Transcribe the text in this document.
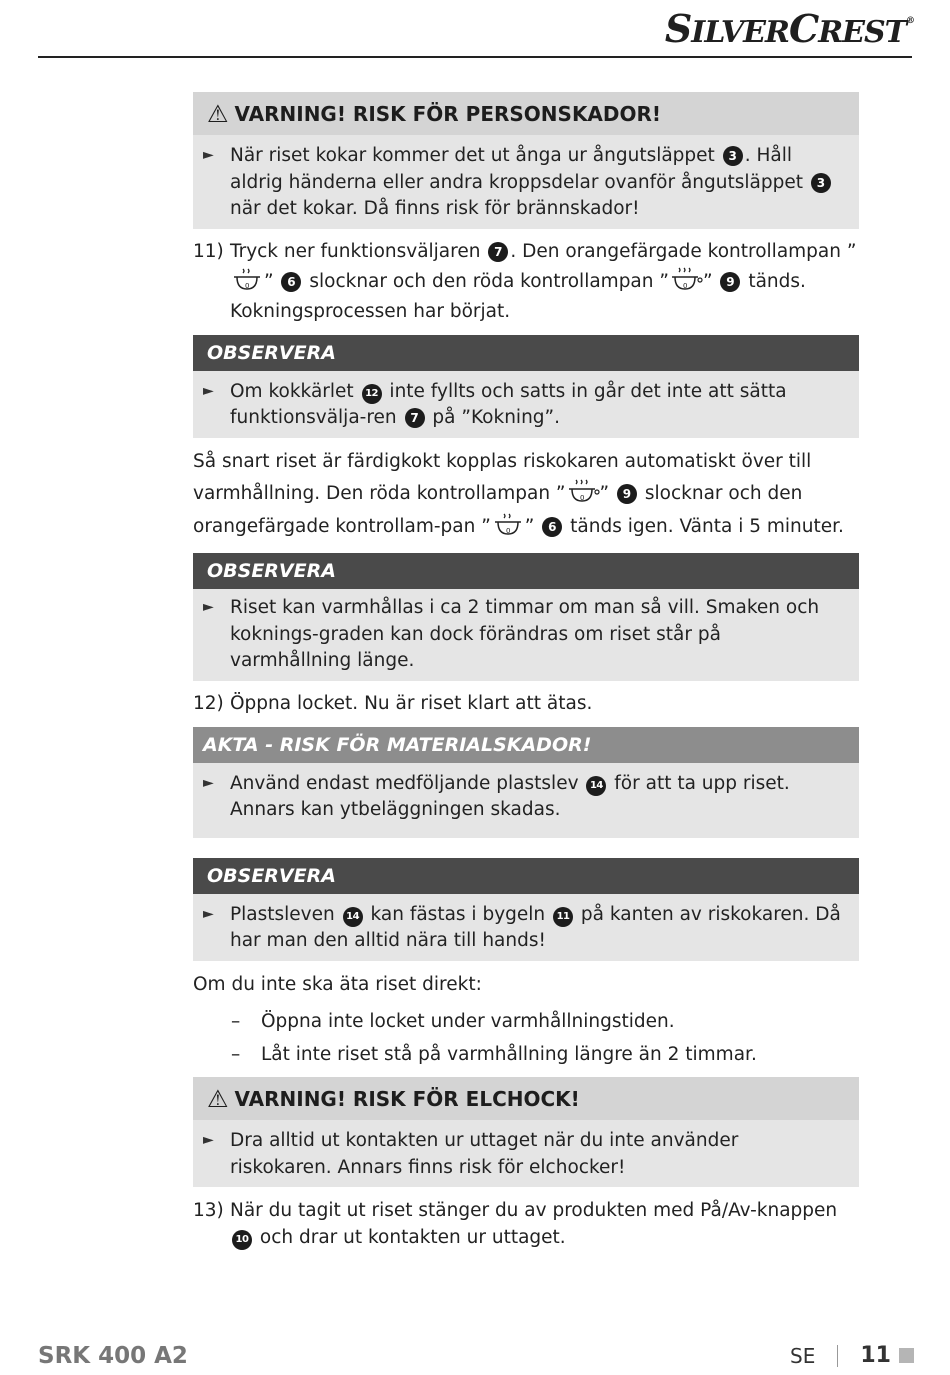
SILVERCREST®
⚠ VARNING! RISK FÖR PERSONSKADOR!
► När riset kokar kommer det ut ånga ur ångutsläppet 3 . Håll aldrig händerna eller andra kroppsdelar ovanför ångutsläppet 3 när det kokar. Då finns risk för brännskador!
11) Tryck ner funktionsväljaren 7 . Den orangefärgade kontrollampan ”
0 ” 6 slocknar och den röda kontrollampan ” 0 ” 9 tänds. Kokningsprocessen har börjat.
OBSERVERA
► Om kokkärlet 12 inte fyllts och satts in går det inte att sätta funktionsvälja-ren 7 på ”Kokning”.
Så snart riset är färdigkokt kopplas riskokaren automatiskt över till varmhållning. Den röda kontrollampan ” 0 ” 9 slocknar och den orangefärgade kontrollam-pan ” 0 ” 6 tänds igen. Vänta i 5 minuter.
OBSERVERA
► Riset kan varmhållas i ca 2 timmar om man så vill. Smaken och koknings-graden kan dock förändras om riset står på varmhållning länge.
12) Öppna locket. Nu är riset klart att ätas.
AKTA - RISK FÖR MATERIALSKADOR!
► Använd endast medföljande plastslev 14 för att ta upp riset. Annars kan ytbeläggningen skadas.
OBSERVERA
► Plastsleven 14 kan fästas i bygeln 11 på kanten av riskokaren. Då har man den alltid nära till hands!
Om du inte ska äta riset direkt:
–	Öppna inte locket under varmhållningstiden.
–	Låt inte riset stå på varmhållning längre än 2 timmar.
⚠ VARNING! RISK FÖR ELCHOCK!
► Dra alltid ut kontakten ur uttaget när du inte använder riskokaren. Annars finns risk för elchocker!
13) När du tagit ut riset stänger du av produkten med På/Av-knappen 10 och drar ut kontakten ur uttaget.
SRK 400 A2	SE 11
